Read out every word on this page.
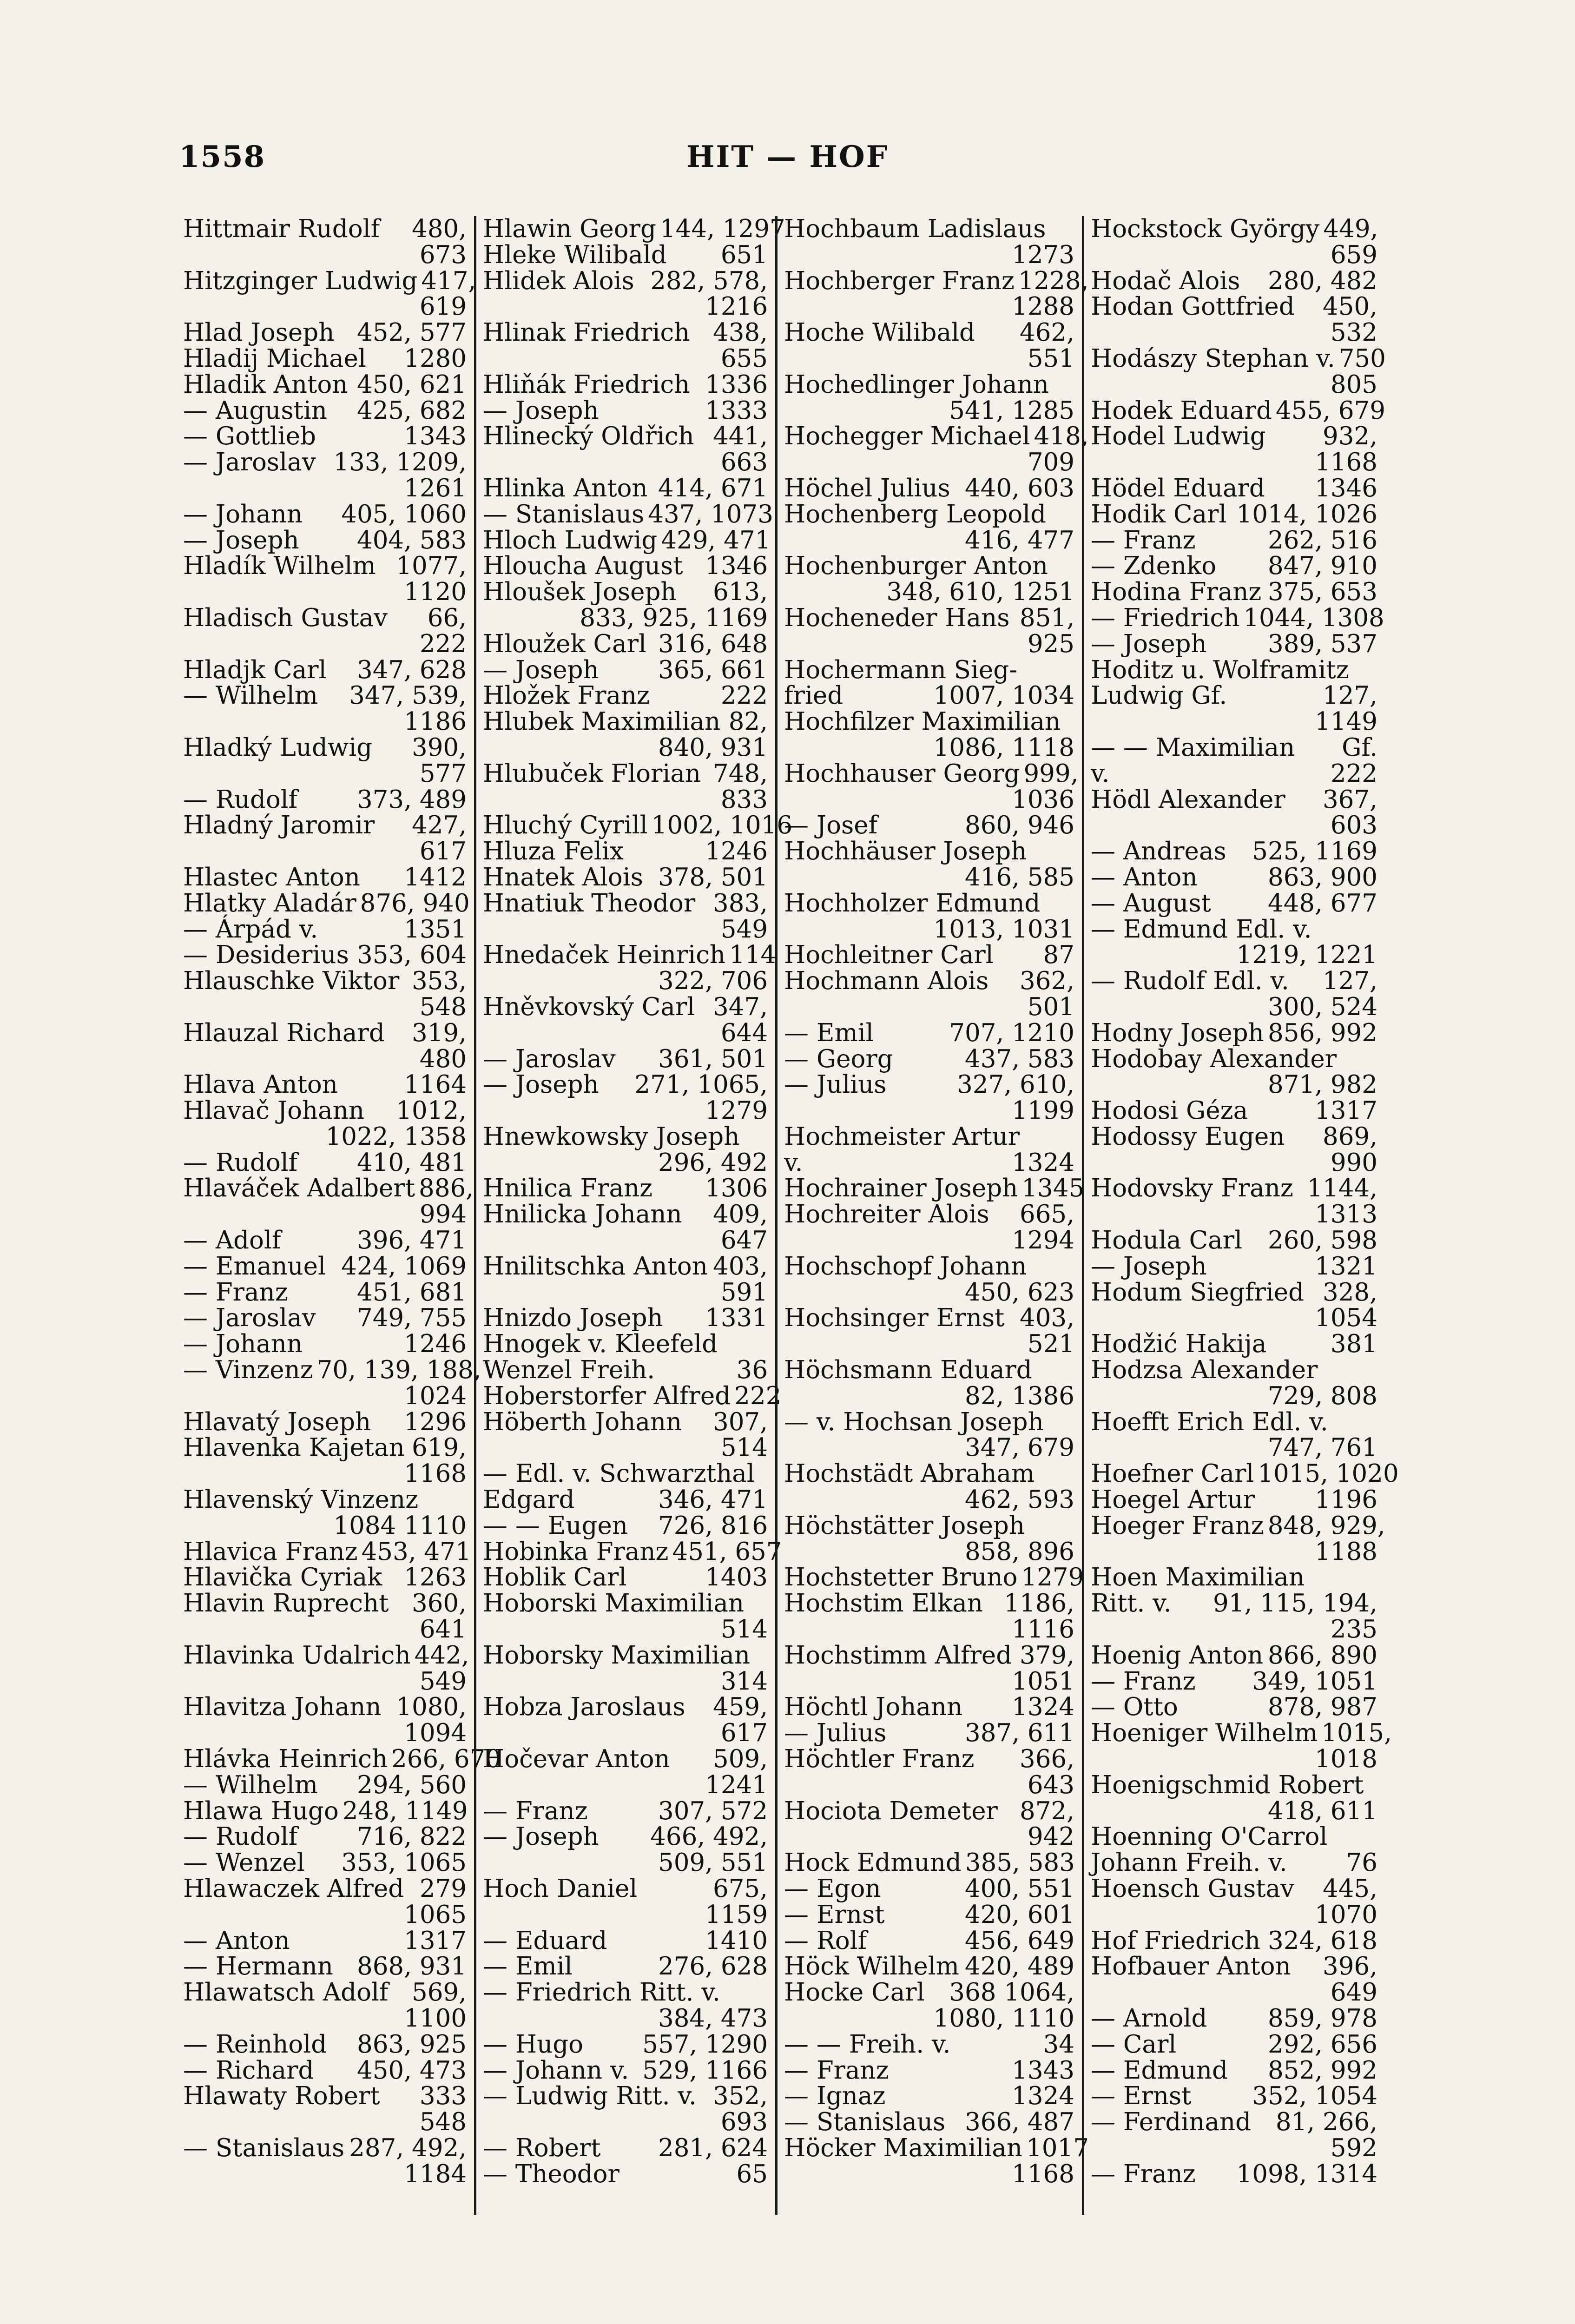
HIT — HOF
1558
Hittmair Rudolf 480,
673
Hitzginger Ludwig 417,
619
Hlad Joseph 452, 577
Hladij Michael 1280
Hladik Anton 450, 621
— Augustin 425, 682
— Gottlieb	1343
— Jaroslav 133, 1209,
1261
— Johann 405, 1060
— Joseph 404, 583
Hladík Wilhelm 1077,
1120
Hladisch Gustav 66,
222
Hladjk Carl 347, 628
— Wilhelm 347, 539,
1186
Hladký Ludwig 390,
577
— Rudolf 373, 489
Hladný Jaromir 427,
617
Hlastec Anton 1412
Hlatky Aladár 876, 940
— Árpád v.	1351
— Desiderius 353, 604
Hlauschke Viktor 353,
548
Hlauzal Richard 319,
480
Hlava Anton	1164
Hlavač Johann 1012,
1022, 1358
— Rudolf 410, 481
Hlaváček Adalbert 886,
994
— Adolf	396, 471
— Emanuel 424, 1069
— Franz	451, 681
— Jaroslav 749, 755
— Johann	1246
— Vinzenz 70, 139, 188,
1024
Hlavatý Joseph 1296
Hlavenka Kajetan 619,
1168
Hlavenský Vinzenz
1084 1110
Hlavica Franz 453, 471
Hlavička Cyriak 1263
Hlavin Ruprecht 360,
641
Hlavinka Udalrich 442,
549
Hlavitza Johann 1080,
1094
Hlávka Heinrich 266, 670
— Wilhelm 294, 560
Hlawa Hugo 248, 1149
— Rudolf 716, 822
— Wenzel 353, 1065
Hlawaczek Alfred 279
1065
— Anton	1317
— Hermann 868, 931
Hlawatsch Adolf 569,
1100
— Reinhold 863, 925
— Richard 450, 473
Hlawaty Robert 333
548
— Stanislaus 287, 492,
1184
Hlawin Georg 144, 1297
Hleke Wilibald 651
Hlidek Alois 282, 578,
1216
Hlinak Friedrich 438,
655
Hliňák Friedrich 1336
— Joseph	1333
Hlinecký Oldřich 441,
663
Hlinka Anton 414, 671
— Stanislaus 437, 1073
Hloch Ludwig 429, 471
Hloucha August 1346
Hloušek Joseph 613,
833, 925, 1169
Hloužek Carl 316, 648
— Joseph 365, 661
Hložek Franz	222
Hlubek Maximilian 82,
840, 931
Hlubuček Florian 748,
833
Hluchý Cyrill 1002, 1016
Hluza Felix	1246
Hnatek Alois 378, 501
Hnatiuk Theodor 383,
549
Hnedaček Heinrich 114
322, 706
Hněvkovský Carl 347,
644
— Jaroslav 361, 501
— Joseph 271, 1065,
1279
Hnewkowsky Joseph
296, 492
Hnilica Franz 1306
Hnilicka Johann 409,
647
Hnilitschka Anton 403,
591
Hnizdo Joseph 1331
Hnogek v. Kleefeld
Wenzel Freih.	36
Hoberstorfer Alfred 222
Höberth Johann 307,
514
— Edl. v. Schwarzthal
Edgard	346, 471
— — Eugen 726, 816
Hobinka Franz 451, 657
Hoblik Carl	1403
Hoborski Maximilian
514
Hoborsky Maximilian
314
Hobza Jaroslaus 459,
617
Hočevar Anton 509,
1241
— Franz	307, 572
— Joseph 466, 492,
509, 551
Hoch Daniel	675,
1159
— Eduard	1410
— Emil	276, 628
— Friedrich Ritt. v.
384, 473
— Hugo 557, 1290
— Johann v. 529, 1166
— Ludwig Ritt. v. 352,
693
— Robert 281, 624
— Theodor	65
Hochbaum Ladislaus
1273
Hochberger Franz 1228,
1288
Hoche Wilibald 462,
551
Hochedlinger Johann
541, 1285
Hochegger Michael 418,
709
Höchel Julius 440, 603
Hochenberg Leopold
416, 477
Hochenburger Anton
348, 610, 1251
Hocheneder Hans 851,
925
Hochermann Sieg-
fried	1007, 1034
Hochfilzer Maximilian
1086, 1118
Hochhauser Georg 999,
1036
— Josef	860, 946
Hochhäuser Joseph
416, 585
Hochholzer Edmund
1013, 1031
Hochleitner Carl 87
Hochmann Alois 362,
501
— Emil	707, 1210
— Georg	437, 583
— Julius	327, 610,
1199
Hochmeister Artur
v.	1324
Hochrainer Joseph 1345
Hochreiter Alois 665,
1294
Hochschopf Johann
450, 623
Hochsinger Ernst 403,
521
Höchsmann Eduard
82, 1386
— v. Hochsan Joseph
347, 679
Hochstädt Abraham
462, 593
Höchstätter Joseph
858, 896
Hochstetter Bruno 1279
Hochstim Elkan 1186,
1116
Hochstimm Alfred 379,
1051
Höchtl Johann 1324
— Julius	387, 611
Höchtler Franz 366,
643
Hociota Demeter 872,
942
Hock Edmund 385, 583
— Egon	400, 551
— Ernst	420, 601
— Rolf	456, 649
Höck Wilhelm 420, 489
Hocke Carl 368 1064,
1080, 1110
— — Freih. v.	34
— Franz	1343
— Ignaz	1324
— Stanislaus 366, 487
Höcker Maximilian 1017
1168
Hockstock György 449,
659
Hodač Alois 280, 482
Hodan Gottfried 450,
532
Hodászy Stephan v. 750
805
Hodek Eduard 455, 679
Hodel Ludwig 932,
1168
Hödel Eduard 1346
Hodik Carl 1014, 1026
— Franz	262, 516
— Zdenko 847, 910
Hodina Franz 375, 653
— Friedrich 1044, 1308
— Joseph 389, 537
Hoditz u. Wolframitz
Ludwig Gf.	127,
1149
— — Maximilian Gf.
v.	222
Hödl Alexander 367,
603
— Andreas 525, 1169
— Anton	863, 900
— August 448, 677
— Edmund Edl. v.
1219, 1221
— Rudolf Edl. v. 127,
300, 524
Hodny Joseph 856, 992
Hodobay Alexander
871, 982
Hodosi Géza	1317
Hodossy Eugen 869,
990
Hodovsky Franz 1144,
1313
Hodula Carl 260, 598
— Joseph	1321
Hodum Siegfried 328,
1054
Hodžić Hakija	381
Hodzsa Alexander
729, 808
Hoefft Erich Edl. v.
747, 761
Hoefner Carl 1015, 1020
Hoegel Artur 1196
Hoeger Franz 848, 929,
1188
Hoen Maximilian
Ritt. v. 91, 115, 194,
235
Hoenig Anton 866, 890
— Franz 349, 1051
— Otto	878, 987
Hoeniger Wilhelm 1015,
1018
Hoenigschmid Robert
418, 611
Hoenning O'Carrol
Johann Freih. v. 76
Hoensch Gustav 445,
1070
Hof Friedrich 324, 618
Hofbauer Anton 396,
649
— Arnold 859, 978
— Carl	292, 656
— Edmund 852, 992
— Ernst 352, 1054
— Ferdinand 81, 266,
592
— Franz 1098, 1314
